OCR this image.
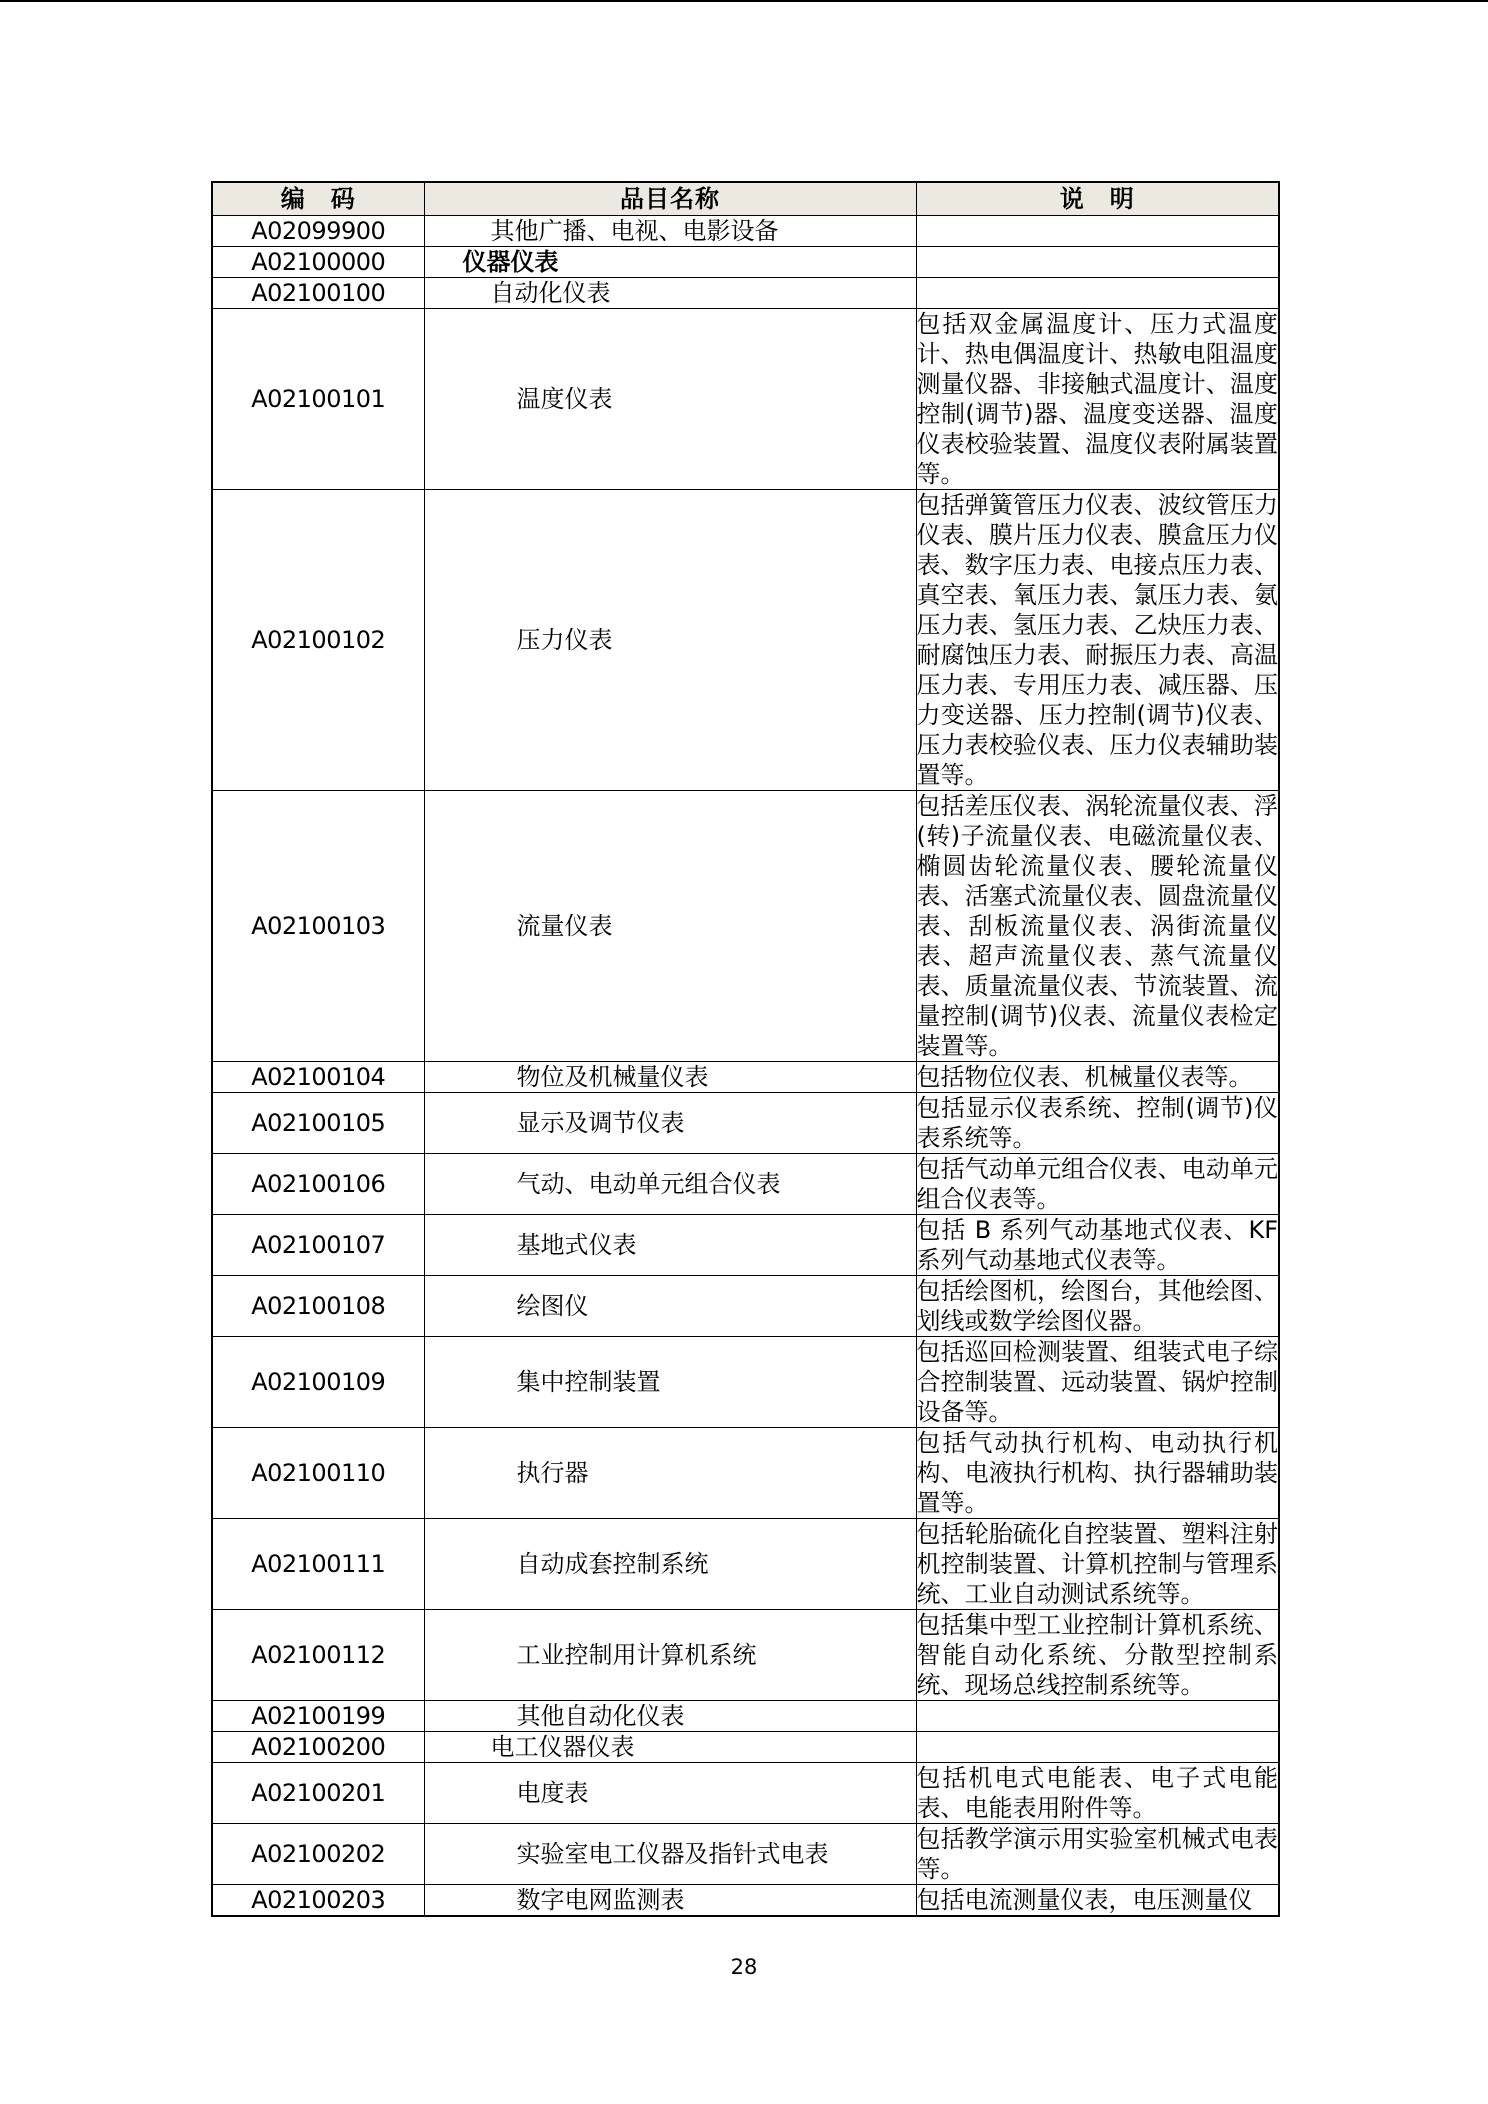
编　码	品目名称	说　明
A02099900	其他广播、电视、电影设备	
A02100000	仪器仪表	
A02100100	自动化仪表	
A02100101	温度仪表	包括双金属温度计、压力式温度计、热电偶温度计、热敏电阻温度测量仪器、非接触式温度计、温度控制(调节)器、温度变送器、温度仪表校验装置、温度仪表附属装置等。
A02100102	压力仪表	包括弹簧管压力仪表、波纹管压力仪表、膜片压力仪表、膜盒压力仪表、数字压力表、电接点压力表、真空表、氧压力表、氯压力表、氨压力表、氢压力表、乙炔压力表、耐腐蚀压力表、耐振压力表、高温压力表、专用压力表、减压器、压力变送器、压力控制(调节)仪表、压力表校验仪表、压力仪表辅助装置等。
A02100103	流量仪表	包括差压仪表、涡轮流量仪表、浮(转)子流量仪表、电磁流量仪表、椭圆齿轮流量仪表、腰轮流量仪表、活塞式流量仪表、圆盘流量仪表、刮板流量仪表、涡街流量仪表、超声流量仪表、蒸气流量仪表、质量流量仪表、节流装置、流量控制(调节)仪表、流量仪表检定装置等。
A02100104	物位及机械量仪表	包括物位仪表、机械量仪表等。
A02100105	显示及调节仪表	包括显示仪表系统、控制(调节)仪表系统等。
A02100106	气动、电动单元组合仪表	包括气动单元组合仪表、电动单元组合仪表等。
A02100107	基地式仪表	包括 B 系列气动基地式仪表、KF 系列气动基地式仪表等。
A02100108	绘图仪	包括绘图机，绘图台，其他绘图、划线或数学绘图仪器。
A02100109	集中控制装置	包括巡回检测装置、组装式电子综合控制装置、远动装置、锅炉控制设备等。
A02100110	执行器	包括气动执行机构、电动执行机构、电液执行机构、执行器辅助装置等。
A02100111	自动成套控制系统	包括轮胎硫化自控装置、塑料注射机控制装置、计算机控制与管理系统、工业自动测试系统等。
A02100112	工业控制用计算机系统	包括集中型工业控制计算机系统、智能自动化系统、分散型控制系统、现场总线控制系统等。
A02100199	其他自动化仪表	
A02100200	电工仪器仪表	
A02100201	电度表	包括机电式电能表、电子式电能表、电能表用附件等。
A02100202	实验室电工仪器及指针式电表	包括教学演示用实验室机械式电表等。
A02100203	数字电网监测表	包括电流测量仪表，电压测量仪
28
